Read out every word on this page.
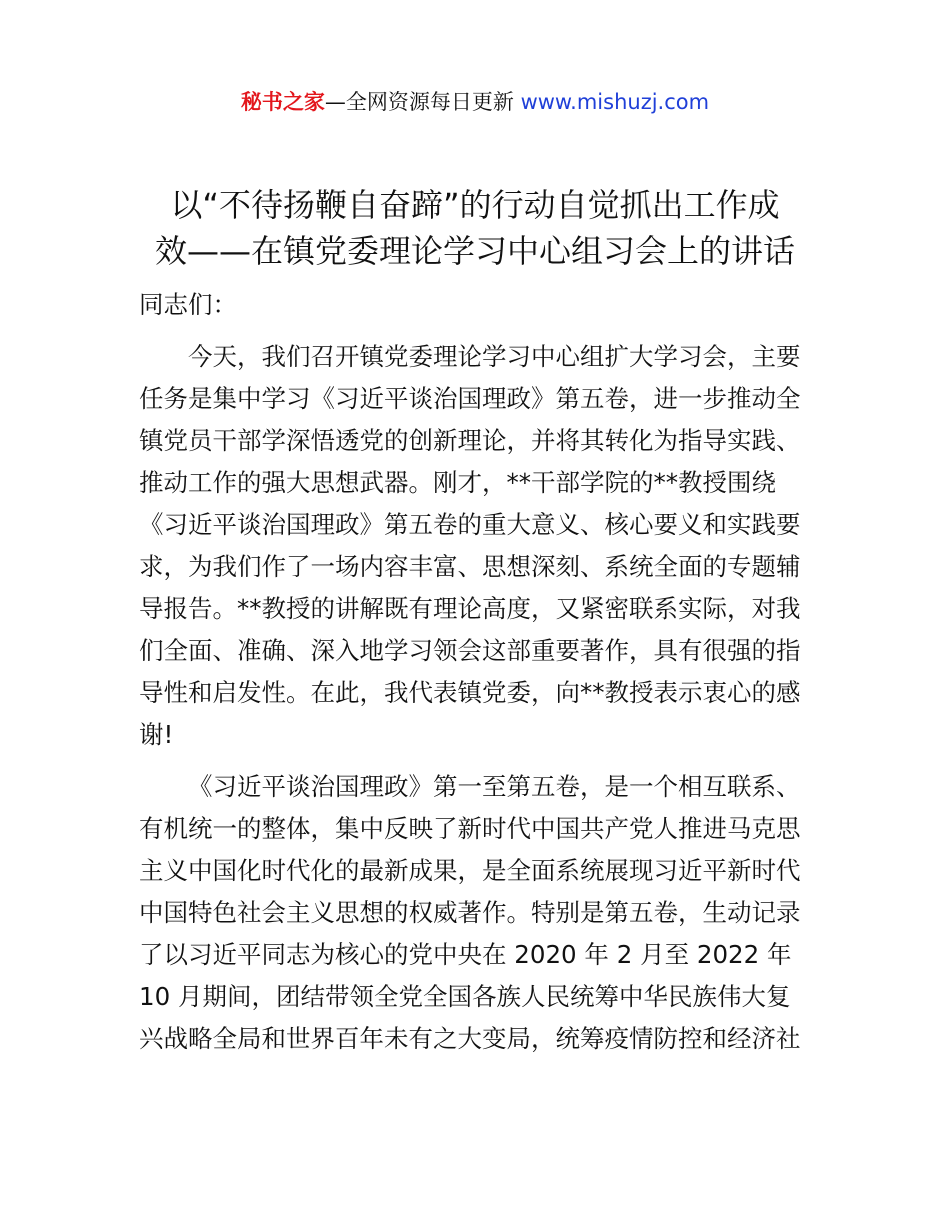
秘书之家—全网资源每日更新 www.mishuzj.com
以“不待扬鞭自奋蹄”的行动自觉抓出工作成
效——在镇党委理论学习中心组习会上的讲话
同志们：
今天，我们召开镇党委理论学习中心组扩大学习会，主要
任务是集中学习《习近平谈治国理政》第五卷，进一步推动全
镇党员干部学深悟透党的创新理论，并将其转化为指导实践、
推动工作的强大思想武器。刚才，**干部学院的**教授围绕
《习近平谈治国理政》第五卷的重大意义、核心要义和实践要
求，为我们作了一场内容丰富、思想深刻、系统全面的专题辅
导报告。**教授的讲解既有理论高度，又紧密联系实际，对我
们全面、准确、深入地学习领会这部重要著作，具有很强的指
导性和启发性。在此，我代表镇党委，向**教授表示衷心的感
谢!
《习近平谈治国理政》第一至第五卷，是一个相互联系、
有机统一的整体，集中反映了新时代中国共产党人推进马克思
主义中国化时代化的最新成果，是全面系统展现习近平新时代
中国特色社会主义思想的权威著作。特别是第五卷，生动记录
了以习近平同志为核心的党中央在 2020 年 2 月至 2022 年
10 月期间，团结带领全党全国各族人民统筹中华民族伟大复
兴战略全局和世界百年未有之大变局，统筹疫情防控和经济社
